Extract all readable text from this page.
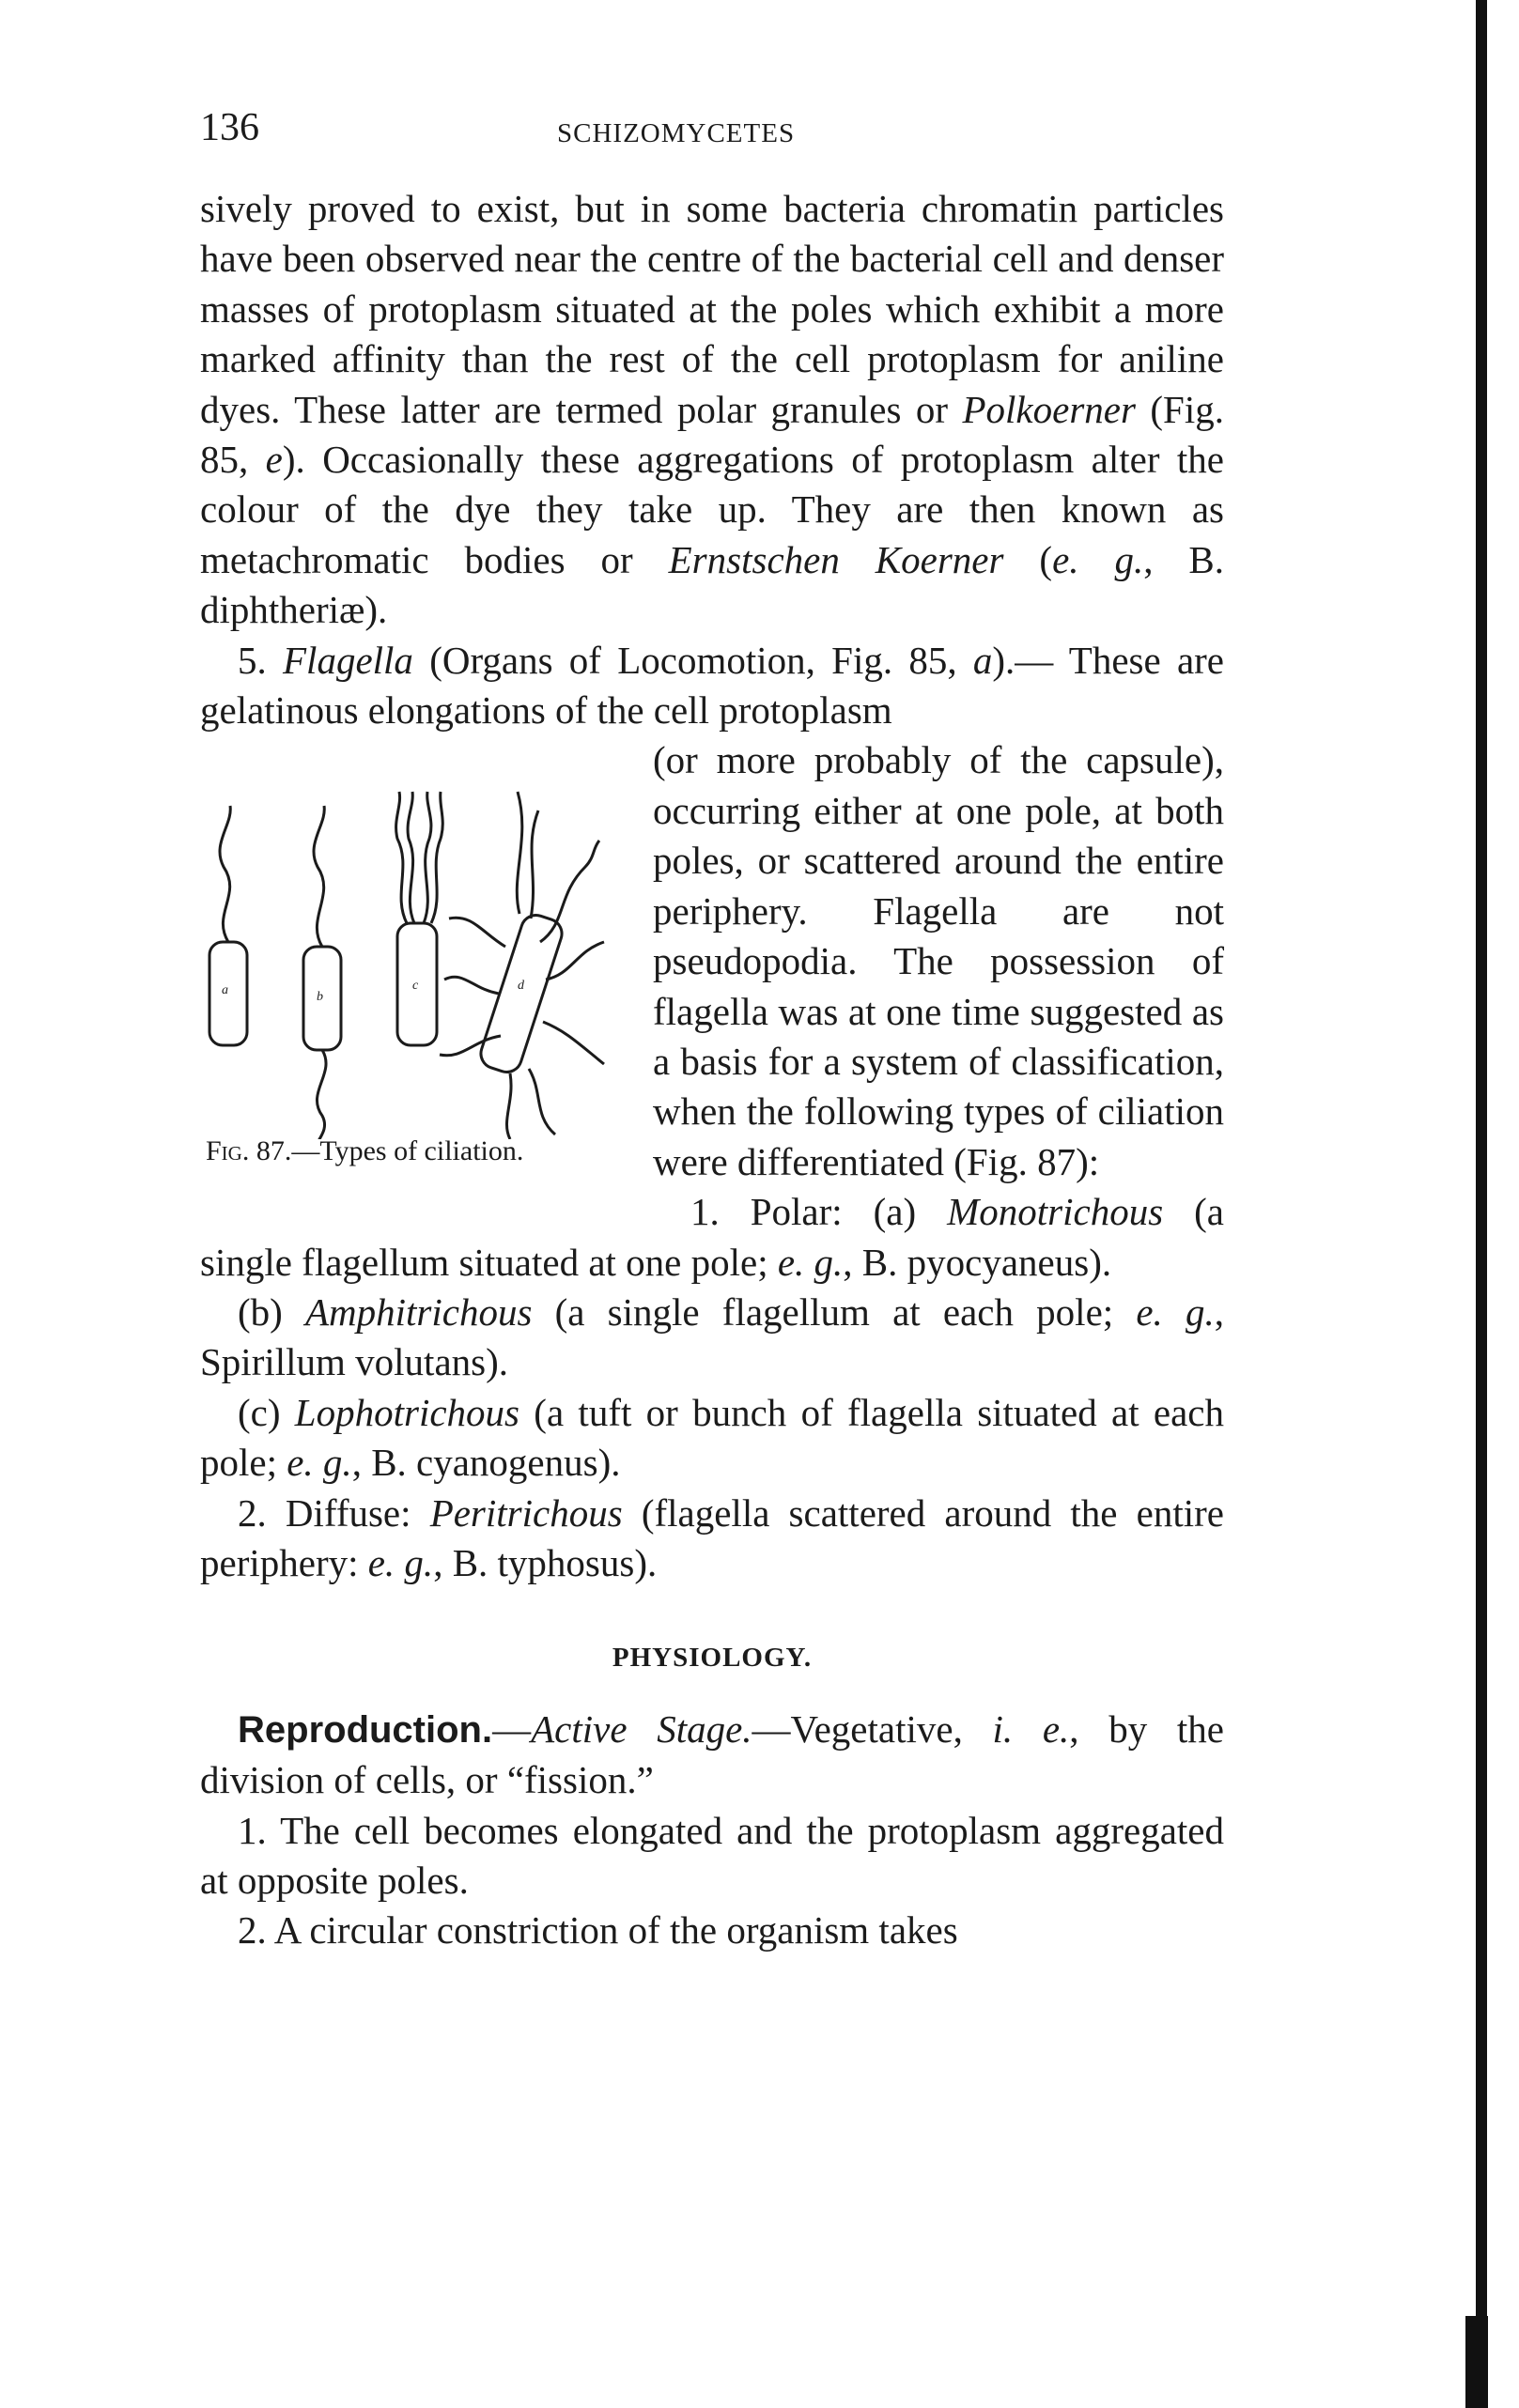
136	SCHIZOMYCETES

sively proved to exist, but in some bacteria chromatin particles have been observed near the centre of the bacterial cell and denser masses of protoplasm situated at the poles which exhibit a more marked affinity than the rest of the cell protoplasm for aniline dyes. These latter are termed polar granules or Polkoerner (Fig. 85, e). Occasionally these aggregations of protoplasm alter the colour of the dye they take up. They are then known as metachromatic bodies or Ernstschen Koerner (e. g., B. diphtheriæ).

5. Flagella (Organs of Locomotion, Fig. 85, a).— These are gelatinous elongations of the cell protoplasm

a	b
c	d
Fig. 87.—Types of ciliation.

(or more probably of the capsule), occurring either at one pole, at both poles, or scattered around the entire periphery. Flagella are not pseudopodia. The possession of flagella was at one time suggested as a basis for a system of classification, when the following types of ciliation were differentiated (Fig. 87):

1. Polar: (a) Monotrichous (a single flagellum situated at one pole; e. g., B. pyocyaneus).

(b) Amphitrichous (a single flagellum at each pole; e. g., Spirillum volutans).

(c) Lophotrichous (a tuft or bunch of flagella situated at each pole; e. g., B. cyanogenus).

2. Diffuse: Peritrichous (flagella scattered around the entire periphery: e. g., B. typhosus).

PHYSIOLOGY.

Reproduction.—Active Stage.—Vegetative, i. e., by the division of cells, or “fission.”

1. The cell becomes elongated and the protoplasm aggregated at opposite poles.

2. A circular constriction of the organism takes
